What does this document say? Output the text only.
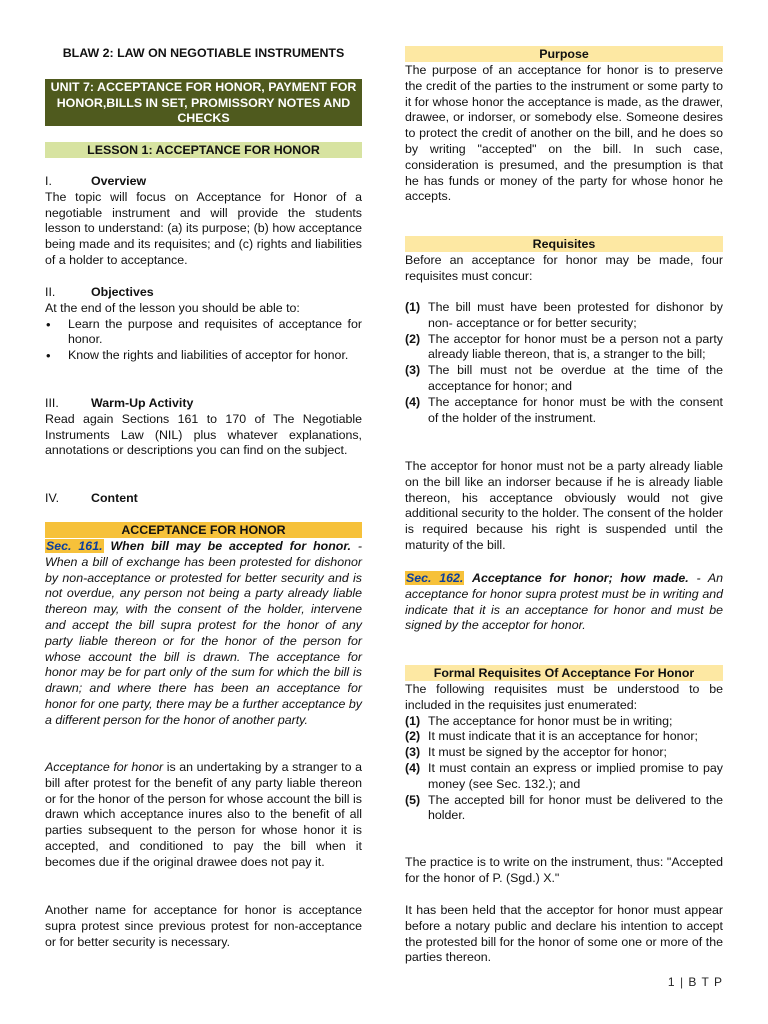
BLAW 2: LAW ON NEGOTIABLE INSTRUMENTS
UNIT 7: ACCEPTANCE FOR HONOR, PAYMENT FOR HONOR,BILLS IN SET, PROMISSORY NOTES AND CHECKS
LESSON 1: ACCEPTANCE FOR HONOR
I.	Overview

The topic will focus on Acceptance for Honor of a negotiable instrument and will provide the students lesson to understand: (a) its purpose; (b) how acceptance being made and its requisites; and (c) rights and liabilities of a holder to acceptance.

II.	Objectives

At the end of the lesson you should be able to:

• Learn the purpose and requisites of acceptance for honor.
• Know the rights and liabilities of acceptor for honor.
III.	Warm-Up Activity

Read again Sections 161 to 170 of The Negotiable Instruments Law (NIL) plus whatever explanations, annotations or descriptions you can find on the subject.

IV.	Content
ACCEPTANCE FOR HONOR

Sec. 161. When bill may be accepted for honor. - When a bill of exchange has been protested for dishonor by non-acceptance or protested for better security and is not overdue, any person not being a party already liable thereon may, with the consent of the holder, intervene and accept the bill supra protest for the honor of any party liable thereon or for the honor of the person for whose account the bill is drawn. The acceptance for honor may be for part only of the sum for which the bill is drawn; and where there has been an acceptance for honor for one party, there may be a further acceptance by a different person for the honor of another party.

Acceptance for honor is an undertaking by a stranger to a bill after protest for the benefit of any party liable thereon or for the honor of the person for whose account the bill is drawn which acceptance inures also to the benefit of all parties subsequent to the person for whose honor it is accepted, and conditioned to pay the bill when it becomes due if the original drawee does not pay it.

Another name for acceptance for honor is acceptance supra protest since previous protest for non-acceptance or for better security is necessary.

Purpose

The purpose of an acceptance for honor is to preserve the credit of the parties to the instrument or some party to it for whose honor the acceptance is made, as the drawer, drawee, or indorser, or somebody else. Someone desires to protect the credit of another on the bill, and he does so by writing "accepted" on the bill. In such case, consideration is presumed, and the presumption is that he has funds or money of the party for whose honor he accepts.

Requisites

Before an acceptance for honor may be made, four requisites must concur:

(1) The bill must have been protested for dishonor by non- acceptance or for better security;
(2) The acceptor for honor must be a person not a party already liable thereon, that is, a stranger to the bill;
(3) The bill must not be overdue at the time of the acceptance for honor; and
(4) The acceptance for honor must be with the consent of the holder of the instrument.

The acceptor for honor must not be a party already liable on the bill like an indorser because if he is already liable thereon, his acceptance obviously would not give additional security to the holder. The consent of the holder is required because his right is suspended until the maturity of the bill.

Sec. 162. Acceptance for honor; how made. - An acceptance for honor supra protest must be in writing and indicate that it is an acceptance for honor and must be signed by the acceptor for honor.

Formal Requisites Of Acceptance For Honor

The following requisites must be understood to be included in the requisites just enumerated:

(1) The acceptance for honor must be in writing;
(2) It must indicate that it is an acceptance for honor;
(3) It must be signed by the acceptor for honor;
(4) It must contain an express or implied promise to pay money (see Sec. 132.); and
(5) The accepted bill for honor must be delivered to the holder.

The practice is to write on the instrument, thus: "Accepted for the honor of P. (Sgd.) X."

It has been held that the acceptor for honor must appear before a notary public and declare his intention to accept the protested bill for the honor of some one or more of the parties thereon.

1 | B T P
